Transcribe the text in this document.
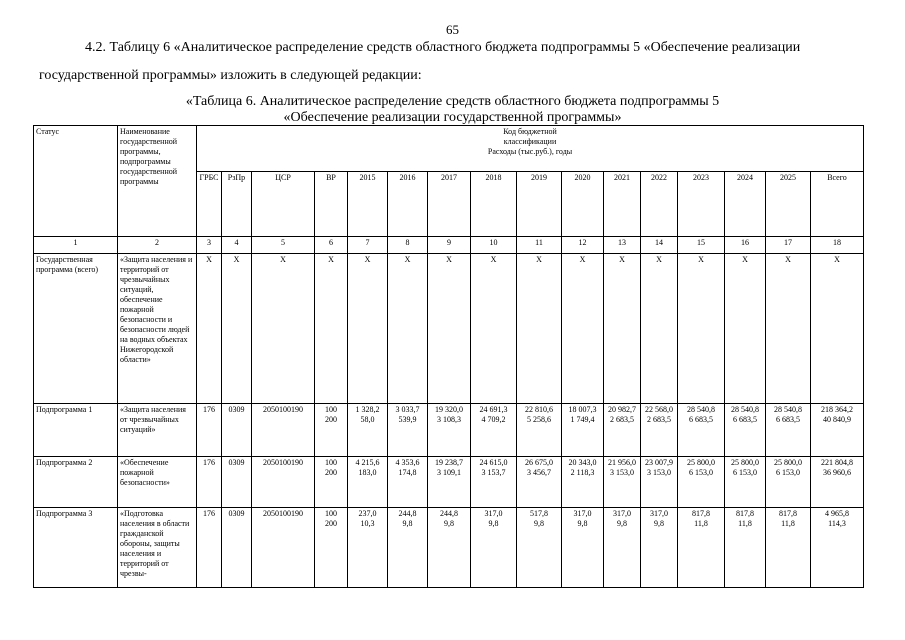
65
4.2. Таблицу 6 «Аналитическое распределение средств областного бюджета подпрограммы 5 «Обеспечение реализации
государственной программы» изложить в следующей редакции:
«Таблица 6. Аналитическое распределение средств областного бюджета подпрограммы 5
«Обеспечение реализации государственной программы»
Статус	Наименование государственной программы, подпрограммы государственной программы	Код бюджетной
классификации
Расходы (тыс.руб.), годы															

		ГРБС	РзПр	ЦСР	ВР	2015	2016	2017	2018	2019	2020	2021	2022	2023	2024	2025	Всего
1	2	3	4	5	6	7	8	9	10	11	12	13	14	15	16	17	18
Государственная программа (всего)	«Защита населения и территорий от чрезвычайных ситуаций, обеспечение пожарной безопасности и безопасности людей на водных объектах Нижегородской области»	Х	Х	Х	Х	Х	Х	Х	Х	Х	Х	Х	Х	Х	Х	Х	Х
Подпрограмма 1	«Защита населения от чрезвычайных ситуаций»	176	0309	2050100190	100
200	1 328,2
58,0	3 033,7
539,9	19 320,0
3 108,3	24 691,3
4 709,2	22 810,6
5 258,6	18 007,3
1 749,4	20 982,7
2 683,5	22 568,0
2 683,5	28 540,8
6 683,5	28 540,8
6 683,5	28 540,8
6 683,5	218 364,2
40 840,9
Подпрограмма 2	«Обеспечение пожарной безопасности»	176	0309	2050100190	100
200	4 215,6
183,0	4 353,6
174,8	19 238,7
3 109,1	24 615,0
3 153,7	26 675,0
3 456,7	20 343,0
2 118,3	21 956,0
3 153,0	23 007,9
3 153,0	25 800,0
6 153,0	25 800,0
6 153,0	25 800,0
6 153,0	221 804,8
36 960,6
Подпрограмма 3	«Подготовка населения в области гражданской обороны, защиты населения и территорий от чрезвы-	176	0309	2050100190	100
200	237,0
10,3	244,8
9,8	244,8
9,8	317,0
9,8	517,8
9,8	317,0
9,8	317,0
9,8	317,0
9,8	817,8
11,8	817,8
11,8	817,8
11,8	4 965,8
114,3
